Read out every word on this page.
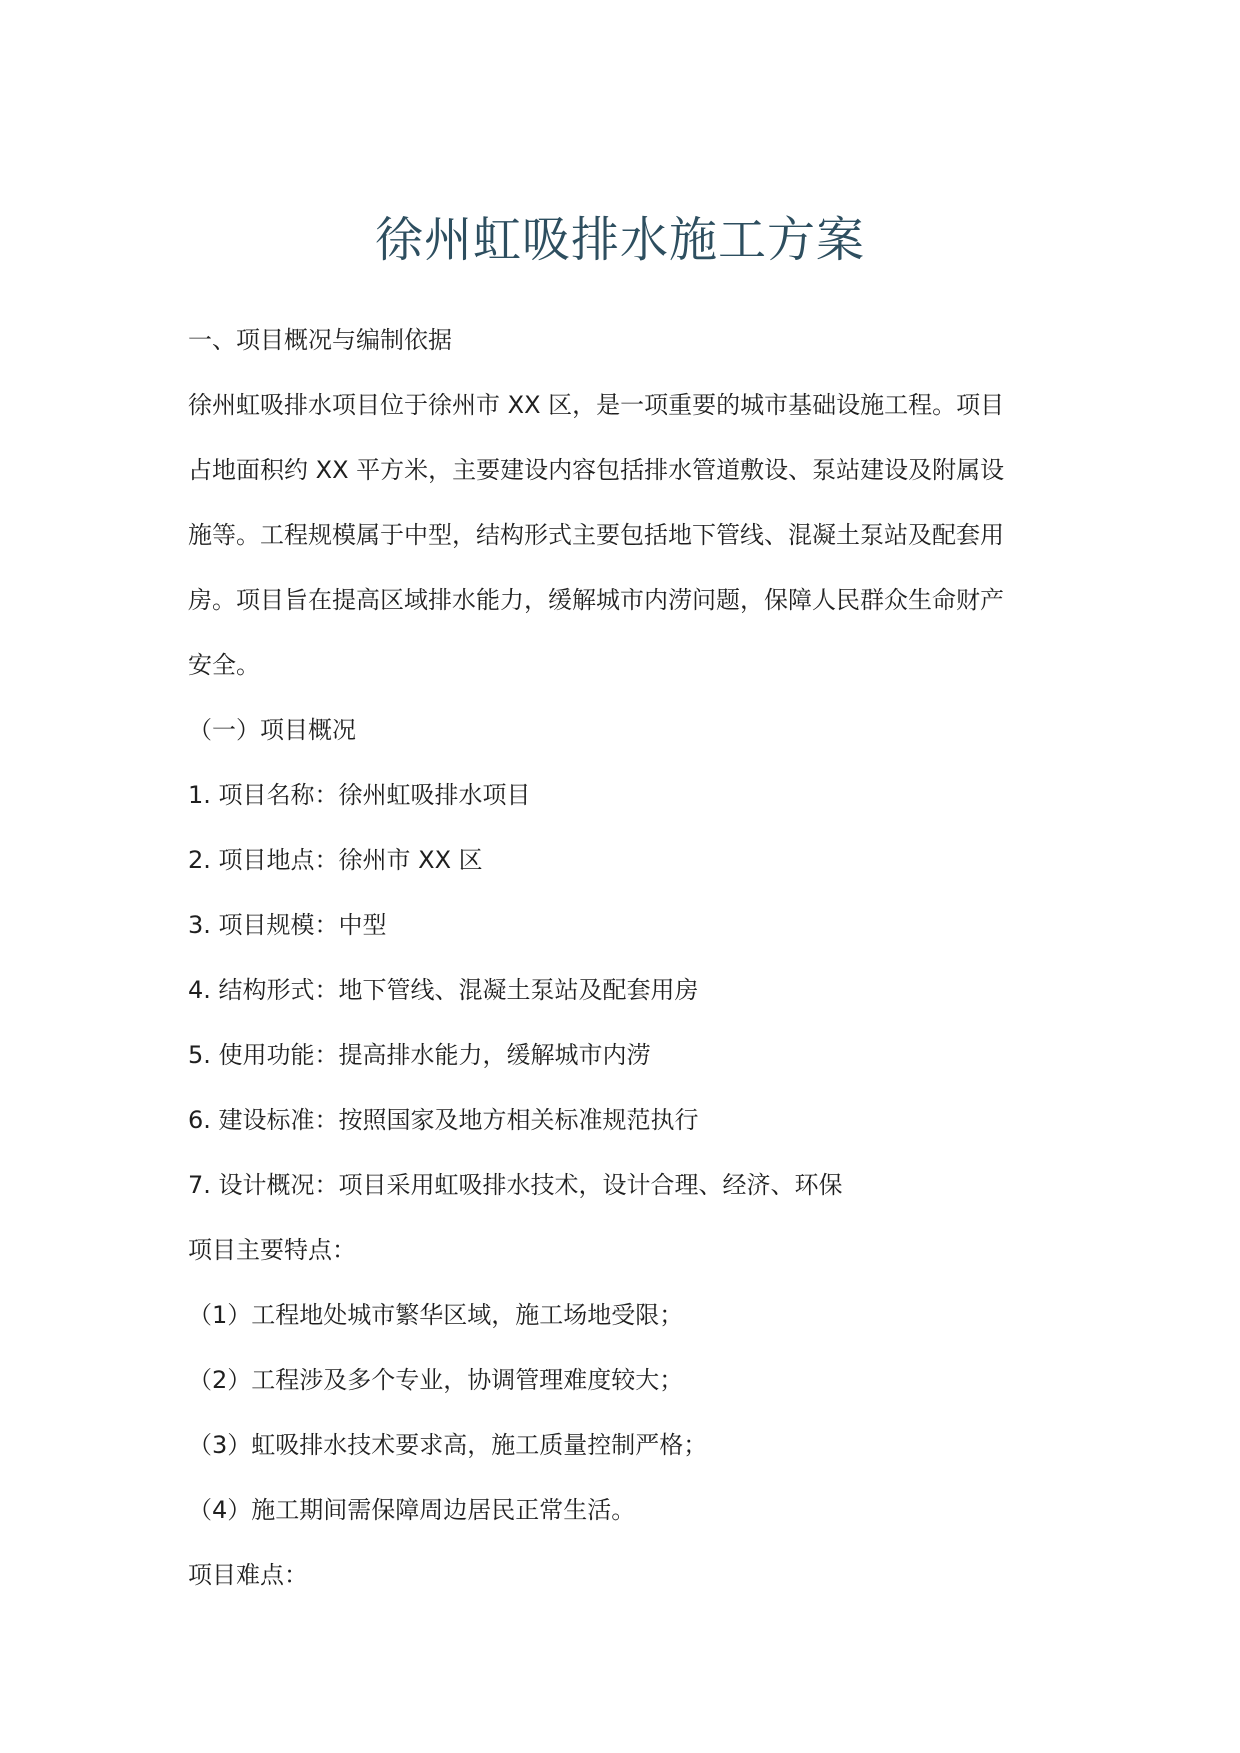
徐州虹吸排水施工方案
一、项目概况与编制依据
徐州虹吸排水项目位于徐州市 XX 区，是一项重要的城市基础设施工程。项目
占地面积约 XX 平方米，主要建设内容包括排水管道敷设、泵站建设及附属设
施等。工程规模属于中型，结构形式主要包括地下管线、混凝土泵站及配套用
房。项目旨在提高区域排水能力，缓解城市内涝问题，保障人民群众生命财产
安全。
（一）项目概况
1. 项目名称：徐州虹吸排水项目
2. 项目地点：徐州市 XX 区
3. 项目规模：中型
4. 结构形式：地下管线、混凝土泵站及配套用房
5. 使用功能：提高排水能力，缓解城市内涝
6. 建设标准：按照国家及地方相关标准规范执行
7. 设计概况：项目采用虹吸排水技术，设计合理、经济、环保
项目主要特点：
（1）工程地处城市繁华区域，施工场地受限；
（2）工程涉及多个专业，协调管理难度较大；
（3）虹吸排水技术要求高，施工质量控制严格；
（4）施工期间需保障周边居民正常生活。
项目难点：
